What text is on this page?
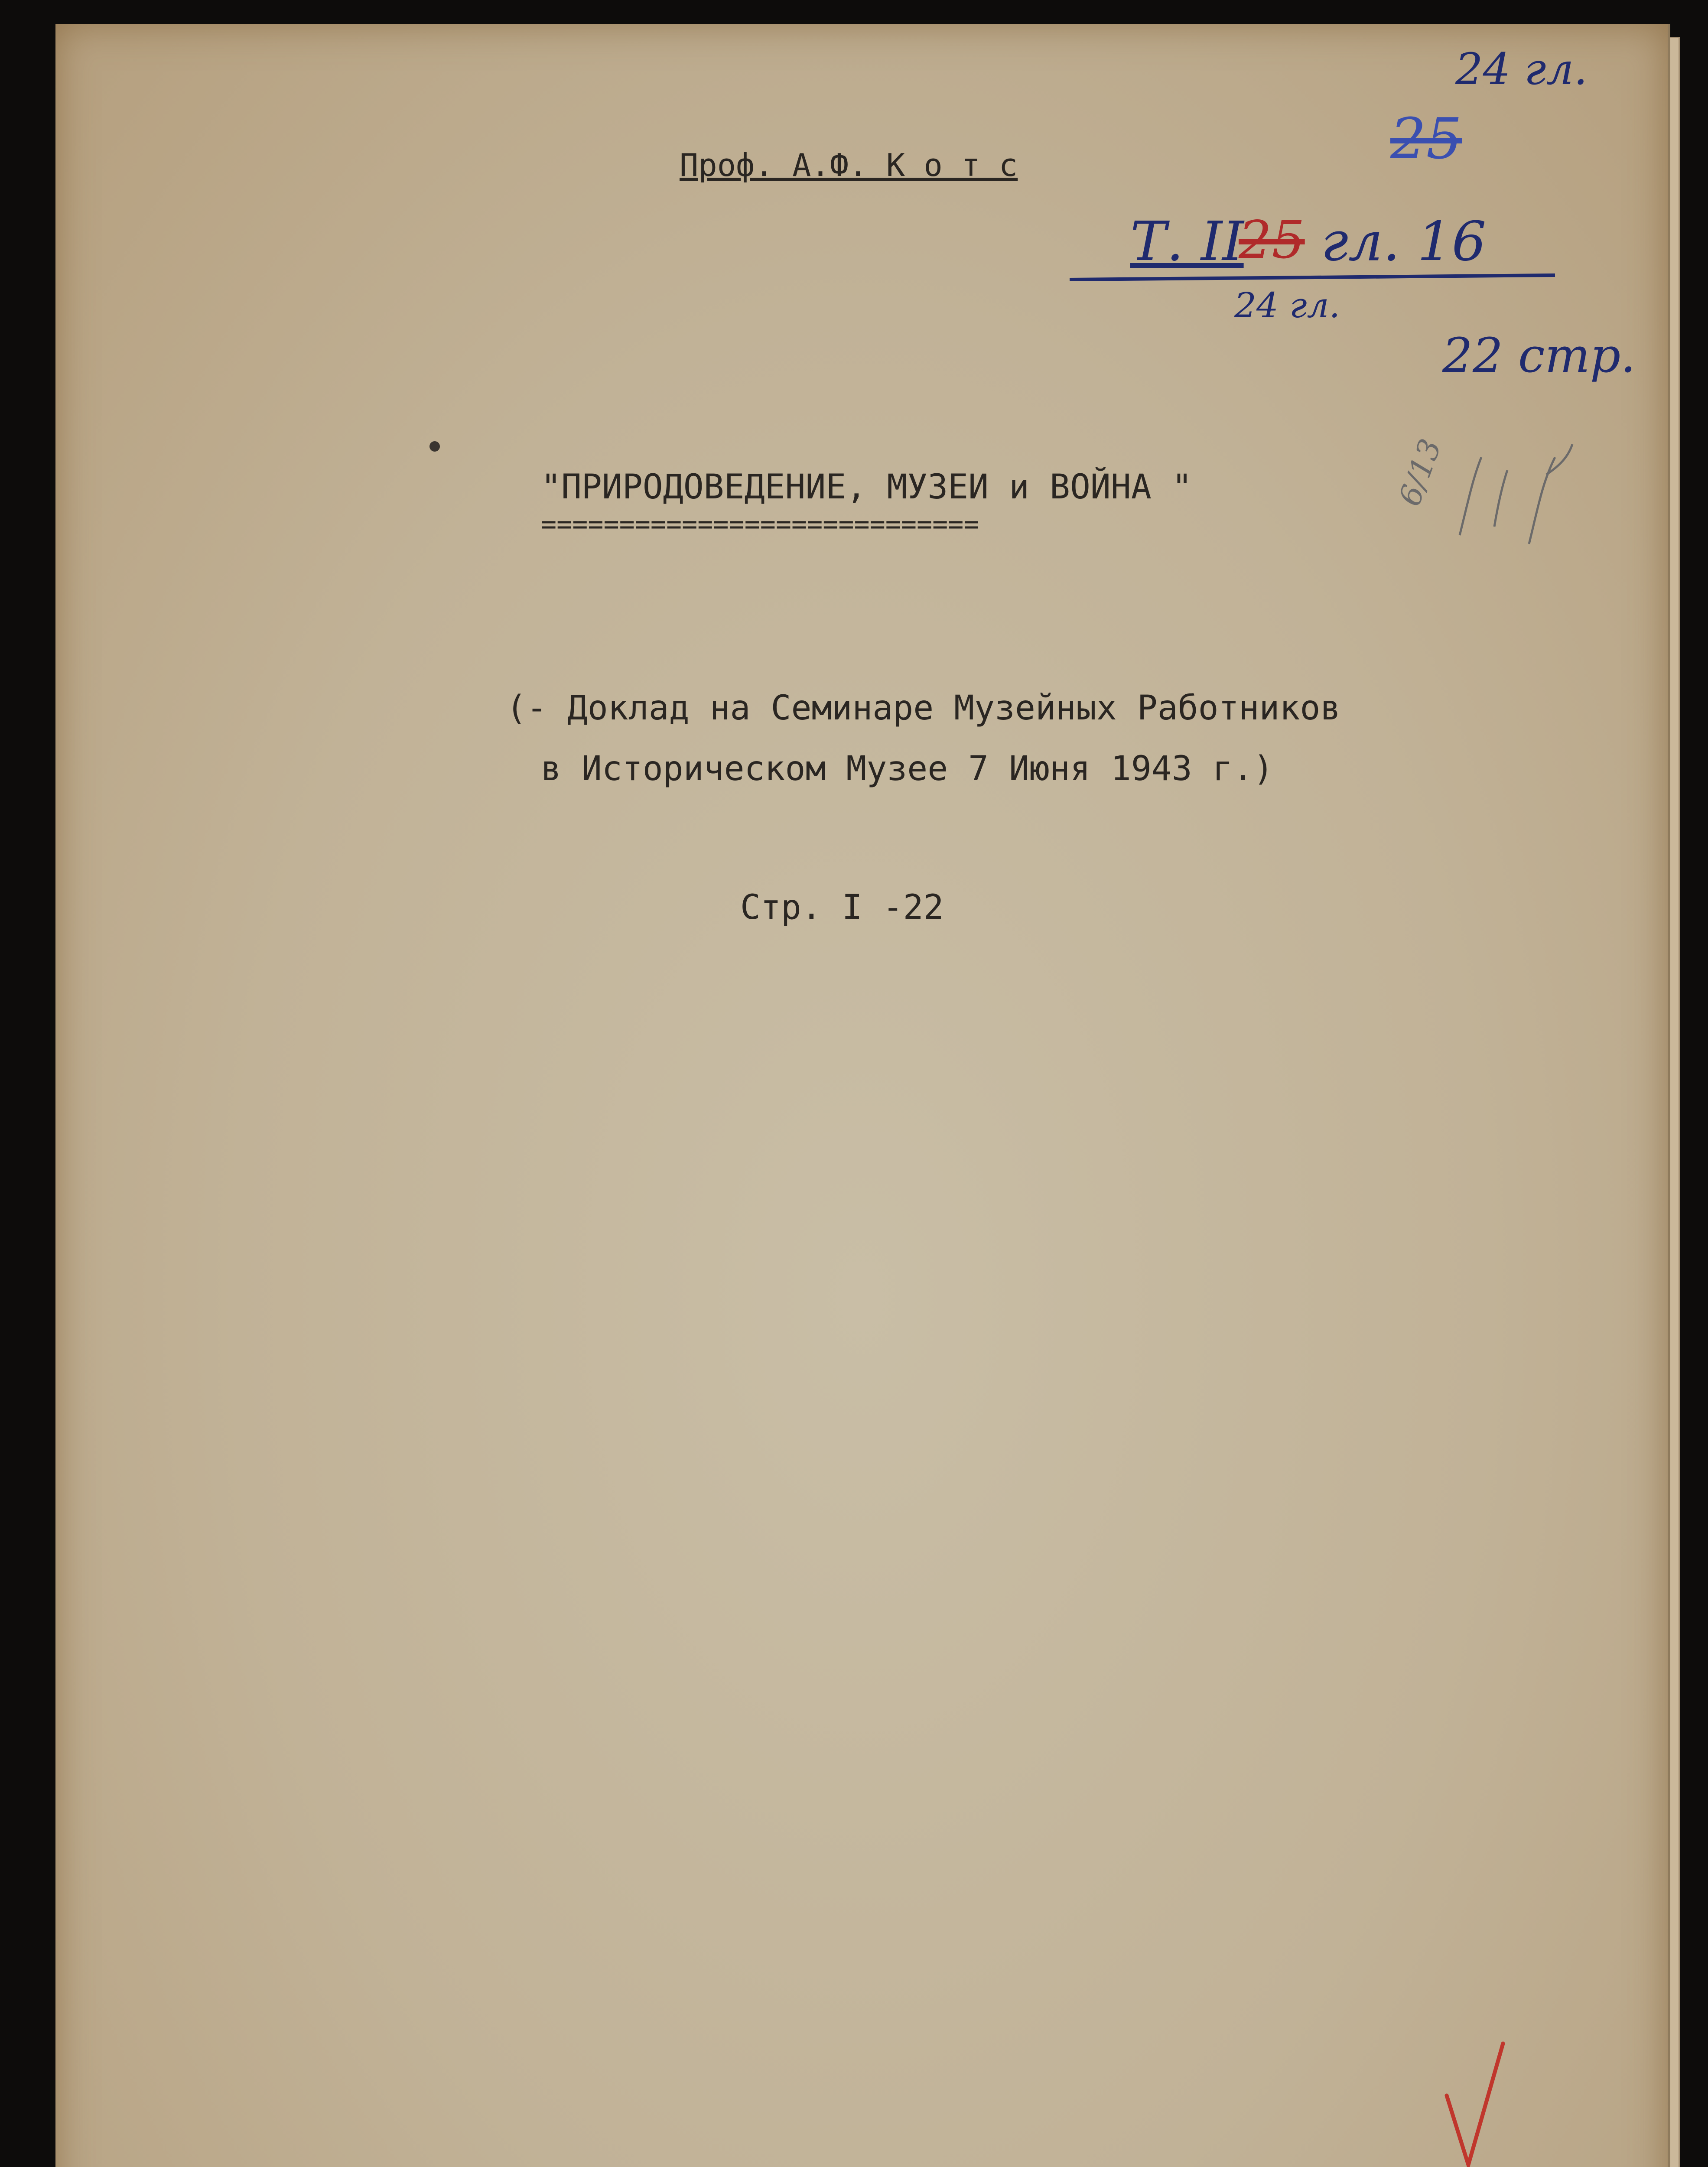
Проф. А.Ф. К о т с
"ПРИРОДОВЕДЕНИЕ, МУЗЕИ и ВОЙНА "
============================
(- Доклад на Семинаре Музейных Работников
в Историческом Музее 7 Июня 1943 г.)
Стр. I -22
24 гл.
25
Т. II
25 гл. 16
24 гл.
22 стр.
6/13
